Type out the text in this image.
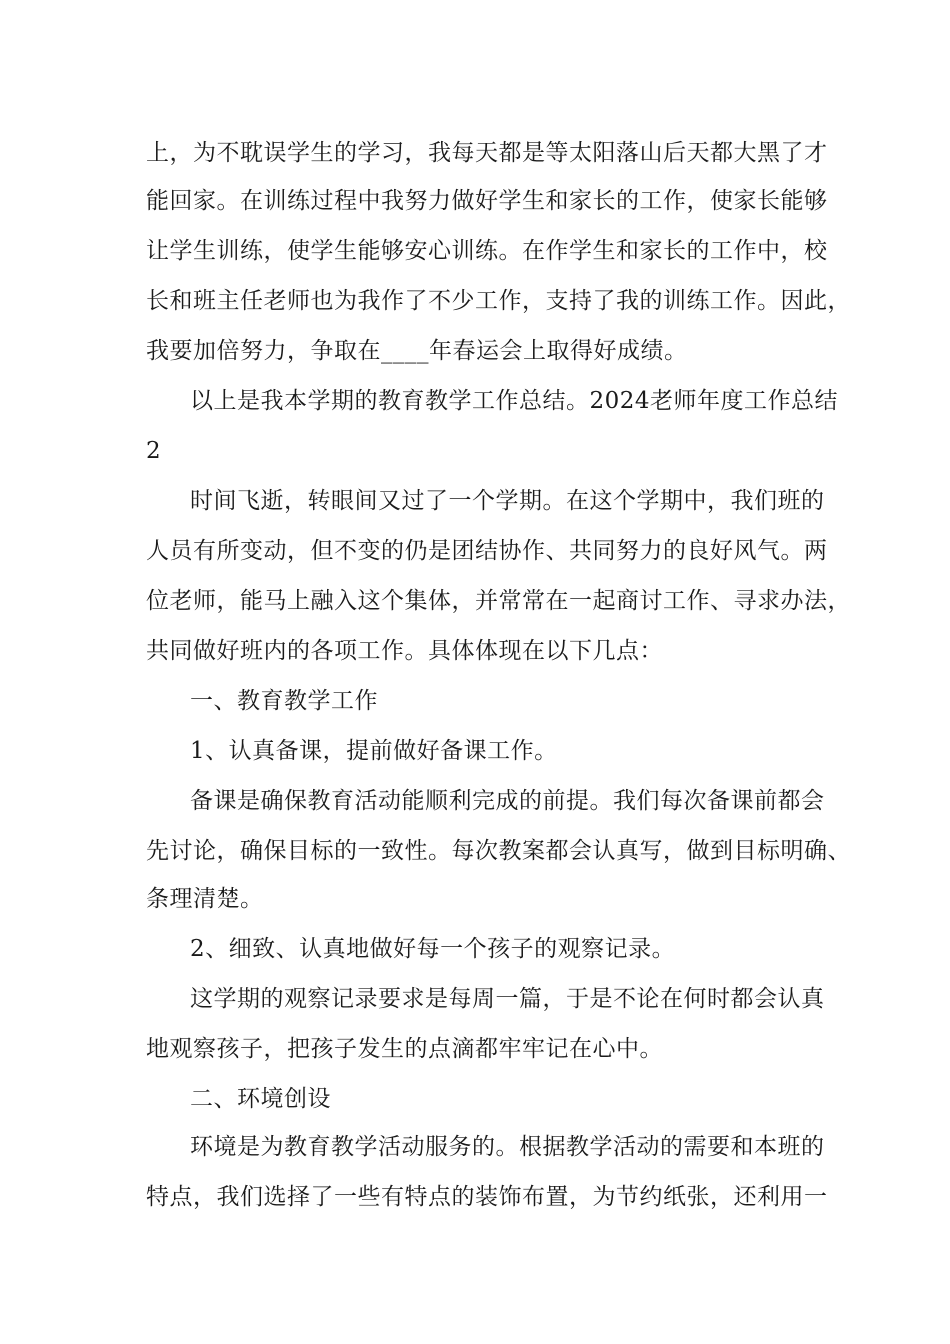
上，为不耽误学生的学习，我每天都是等太阳落山后天都大黑了才
能回家。在训练过程中我努力做好学生和家长的工作，使家长能够
让学生训练，使学生能够安心训练。在作学生和家长的工作中，校
长和班主任老师也为我作了不少工作，支持了我的训练工作。因此，
我要加倍努力，争取在____年春运会上取得好成绩。
以上是我本学期的教育教学工作总结。2024老师年度工作总结
2
时间飞逝，转眼间又过了一个学期。在这个学期中，我们班的
人员有所变动，但不变的仍是团结协作、共同努力的良好风气。两
位老师，能马上融入这个集体，并常常在一起商讨工作、寻求办法，
共同做好班内的各项工作。具体体现在以下几点：
一、教育教学工作
1、认真备课，提前做好备课工作。
备课是确保教育活动能顺利完成的前提。我们每次备课前都会
先讨论，确保目标的一致性。每次教案都会认真写，做到目标明确、
条理清楚。
2、细致、认真地做好每一个孩子的观察记录。
这学期的观察记录要求是每周一篇，于是不论在何时都会认真
地观察孩子，把孩子发生的点滴都牢牢记在心中。
二、环境创设
环境是为教育教学活动服务的。根据教学活动的需要和本班的
特点，我们选择了一些有特点的装饰布置，为节约纸张，还利用一
